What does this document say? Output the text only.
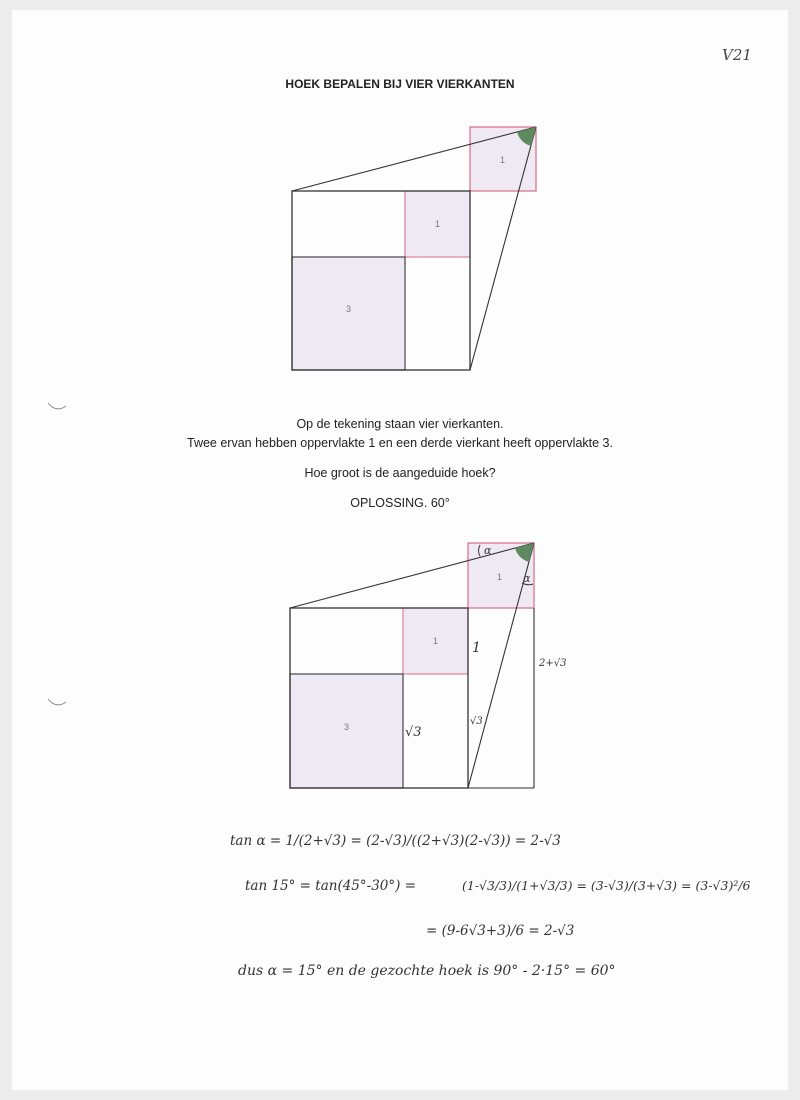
V21
HOEK BEPALEN BIJ VIER VIERKANTEN
1
1
3
1
1
3
α
α
1
√3
√3
2+√3
tan α = 1/(2+√3) = (2-√3)/((2+√3)(2-√3)) = 2-√3
tan 15° = tan(45°-30°) =	(1-√3/3)/(1+√3/3) = (3-√3)/(3+√3) = (3-√3)²/6
= (9-6√3+3)/6 = 2-√3
dus α = 15° en de gezochte hoek is 90° - 2·15° = 60°
Op de tekening staan vier vierkanten.
Twee ervan hebben oppervlakte 1 en een derde vierkant heeft oppervlakte 3.
Hoe groot is de aangeduide hoek?
OPLOSSING. 60°
